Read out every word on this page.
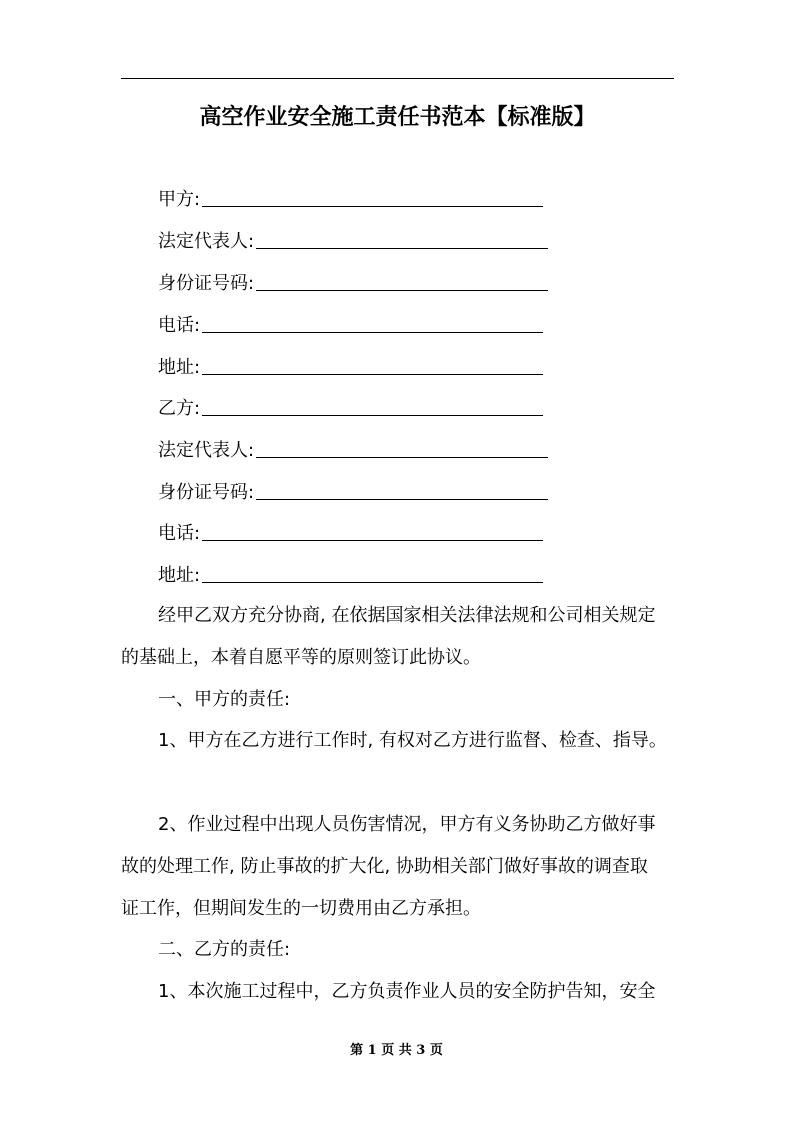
高空作业安全施工责任书范本【标准版】
甲方:
法定代表人:
身份证号码:
电话:
地址:
乙方:
法定代表人:
身份证号码:
电话:
地址:
经甲乙双方充分协商, 在依据国家相关法律法规和公司相关规定
的基础上，本着自愿平等的原则签订此协议。
一、甲方的责任:
1、甲方在乙方进行工作时, 有权对乙方进行监督、检查、指导。
2、作业过程中出现人员伤害情况，甲方有义务协助乙方做好事
故的处理工作, 防止事故的扩大化, 协助相关部门做好事故的调查取
证工作，但期间发生的一切费用由乙方承担。
二、乙方的责任:
1、本次施工过程中，乙方负责作业人员的安全防护告知，安全
第 1 页 共 3 页
